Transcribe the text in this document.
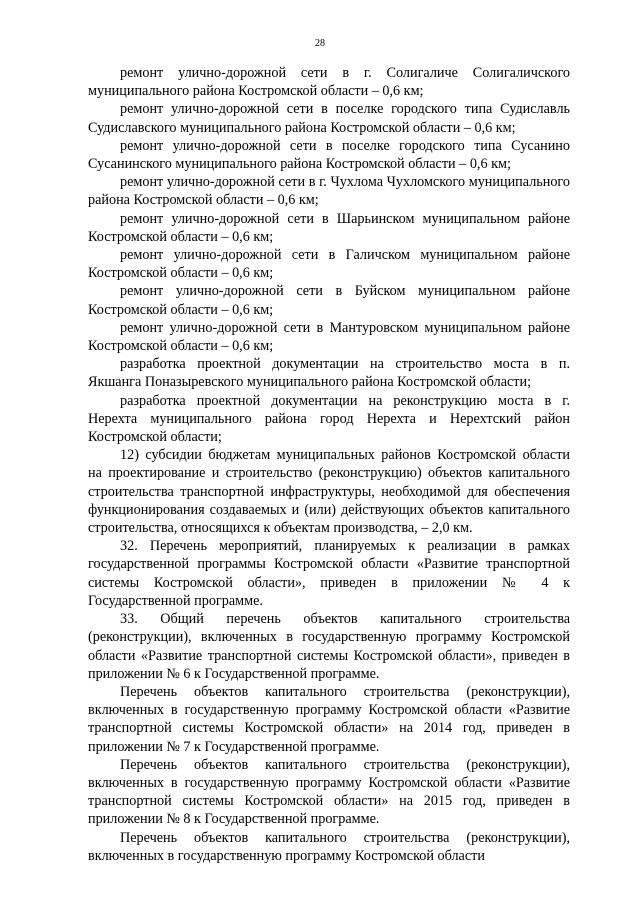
28

ремонт улично-дорожной сети в г. Солигаличе Солигаличского муниципального района Костромской области – 0,6 км;

ремонт улично-дорожной сети в поселке городского типа Судиславль Судиславского муниципального района Костромской области – 0,6 км;

ремонт улично-дорожной сети в поселке городского типа Сусанино Сусанинского муниципального района Костромской области – 0,6 км;

ремонт улично-дорожной сети в г. Чухлома Чухломского муниципального района Костромской области – 0,6 км;

ремонт улично-дорожной сети в Шарьинском муниципальном районе Костромской области – 0,6 км;

ремонт улично-дорожной сети в Галичском муниципальном районе Костромской области – 0,6 км;

ремонт улично-дорожной сети в Буйском муниципальном районе Костромской области – 0,6 км;

ремонт улично-дорожной сети в Мантуровском муниципальном районе Костромской области – 0,6 км;

разработка проектной документации на строительство моста в п. Якшанга Поназыревского муниципального района Костромской области;

разработка проектной документации на реконструкцию моста в г. Нерехта муниципального района город Нерехта и Нерехтский район Костромской области;

12) субсидии бюджетам муниципальных районов Костромской области на проектирование и строительство (реконструкцию) объектов капитального строительства транспортной инфраструктуры, необходимой для обеспечения функционирования создаваемых и (или) действующих объектов капитального строительства, относящихся к объектам производства, – 2,0 км.

32. Перечень мероприятий, планируемых к реализации в рамках государственной программы Костромской области «Развитие транспортной системы Костромской области», приведен в приложении № 4 к Государственной программе.

33. Общий перечень объектов капитального строительства (реконструкции), включенных в государственную программу Костромской области «Развитие транспортной системы Костромской области», приведен в приложении № 6 к Государственной программе.

Перечень объектов капитального строительства (реконструкции), включенных в государственную программу Костромской области «Развитие транспортной системы Костромской области» на 2014 год, приведен в приложении № 7 к Государственной программе.

Перечень объектов капитального строительства (реконструкции), включенных в государственную программу Костромской области «Развитие транспортной системы Костромской области» на 2015 год, приведен в приложении № 8 к Государственной программе.

Перечень объектов капитального строительства (реконструкции), включенных в государственную программу Костромской области
